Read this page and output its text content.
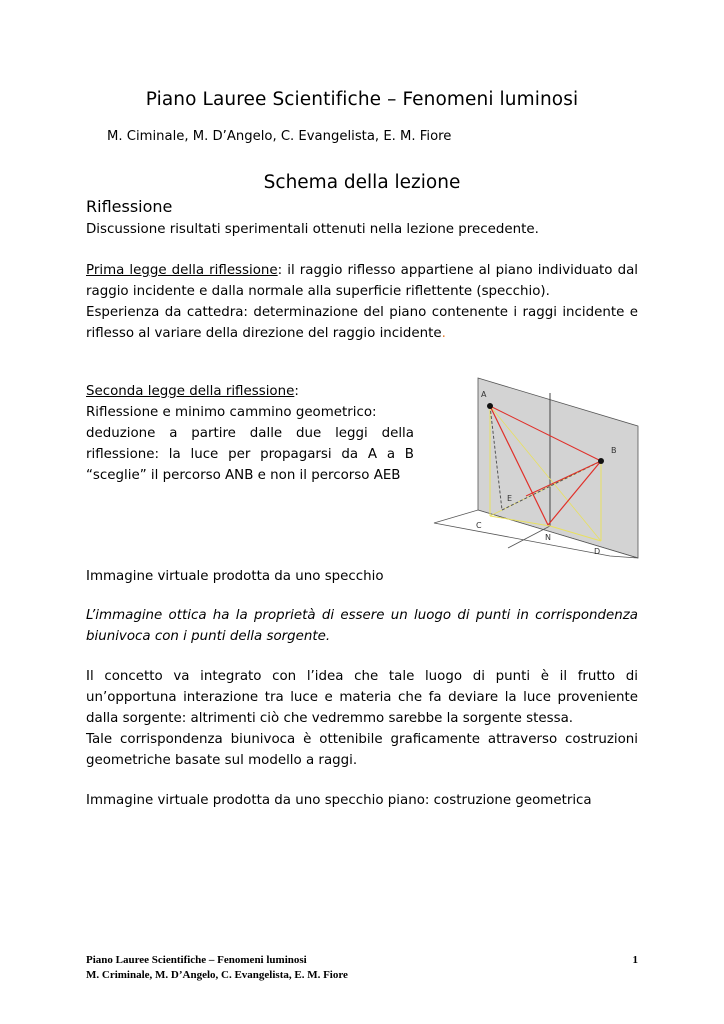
Piano Lauree Scientifiche – Fenomeni luminosi
M. Ciminale, M. D’Angelo, C. Evangelista, E. M. Fiore
Schema della lezione
Riflessione
Discussione risultati sperimentali ottenuti nella lezione precedente.
Prima legge della riflessione: il raggio riflesso appartiene al piano individuato dal
raggio incidente e dalla normale alla superficie riflettente (specchio).
Esperienza da cattedra: determinazione del piano contenente i raggi incidente e
riflesso al variare della direzione del raggio incidente.
Seconda legge della riflessione:
Riflessione e minimo cammino geometrico:
deduzione a partire dalle due leggi della
riflessione: la luce per propagarsi da A a B
“sceglie” il percorso ANB e non il percorso AEB
A
B
C
D
E
N
Immagine virtuale prodotta da uno specchio
L’immagine ottica ha la proprietà di essere un luogo di punti in corrispondenza
biunivoca con i punti della sorgente.
Il concetto va integrato con l’idea che tale luogo di punti è il frutto di
un’opportuna interazione tra luce e materia che fa deviare la luce proveniente
dalla sorgente: altrimenti ciò che vedremmo sarebbe la sorgente stessa.
Tale corrispondenza biunivoca è ottenibile graficamente attraverso costruzioni
geometriche basate sul modello a raggi.
Immagine virtuale prodotta da uno specchio piano: costruzione geometrica
Piano Lauree Scientifiche – Fenomeni luminosi
M. Criminale, M. D’Angelo, C. Evangelista, E. M. Fiore
1
